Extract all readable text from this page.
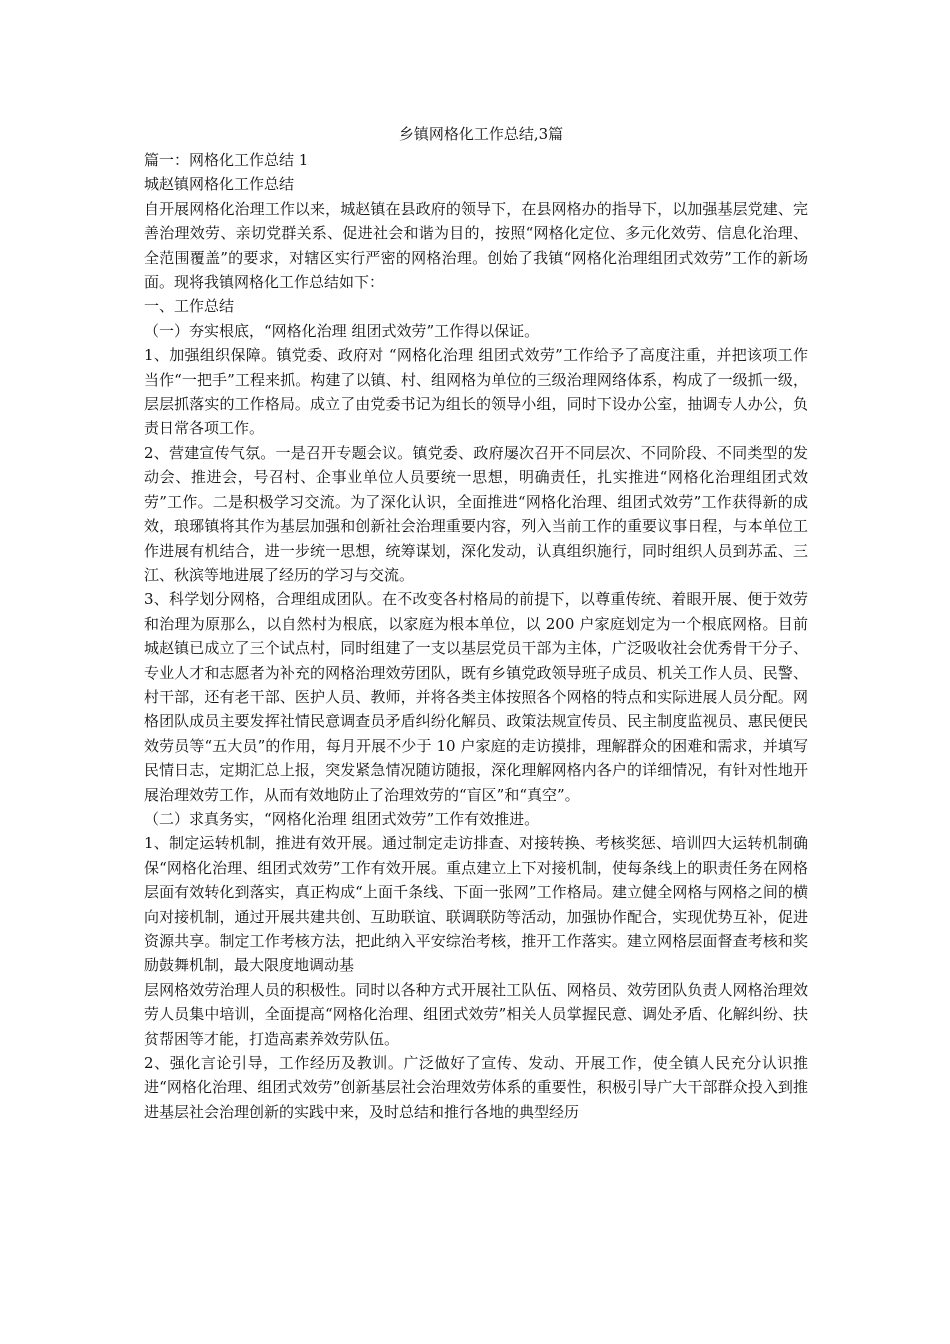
乡镇网格化工作总结,3篇

篇一：网格化工作总结 1

城赵镇网格化工作总结

自开展网格化治理工作以来，城赵镇在县政府的领导下，在县网格办的指导下，以加强基层党建、完善治理效劳、亲切党群关系、促进社会和谐为目的，按照“网格化定位、多元化效劳、信息化治理、全范围覆盖”的要求，对辖区实行严密的网格治理。创始了我镇“网格化治理组团式效劳”工作的新场面。现将我镇网格化工作总结如下：

一、工作总结

（一）夯实根底，“网格化治理 组团式效劳”工作得以保证。

1、加强组织保障。镇党委、政府对 “网格化治理 组团式效劳”工作给予了高度注重，并把该项工作当作“一把手”工程来抓。构建了以镇、村、组网格为单位的三级治理网络体系，构成了一级抓一级，层层抓落实的工作格局。成立了由党委书记为组长的领导小组，同时下设办公室，抽调专人办公，负责日常各项工作。

2、营建宣传气氛。一是召开专题会议。镇党委、政府屡次召开不同层次、不同阶段、不同类型的发动会、推进会，号召村、企事业单位人员要统一思想，明确责任，扎实推进“网格化治理组团式效劳”工作。二是积极学习交流。为了深化认识，全面推进“网格化治理、组团式效劳”工作获得新的成效，琅琊镇将其作为基层加强和创新社会治理重要内容，列入当前工作的重要议事日程，与本单位工作进展有机结合，进一步统一思想，统筹谋划，深化发动，认真组织施行，同时组织人员到苏孟、三江、秋滨等地进展了经历的学习与交流。

3、科学划分网格，合理组成团队。在不改变各村格局的前提下，以尊重传统、着眼开展、便于效劳和治理为原那么，以自然村为根底，以家庭为根本单位，以 200 户家庭划定为一个根底网格。目前城赵镇已成立了三个试点村，同时组建了一支以基层党员干部为主体，广泛吸收社会优秀骨干分子、专业人才和志愿者为补充的网格治理效劳团队，既有乡镇党政领导班子成员、机关工作人员、民警、村干部，还有老干部、医护人员、教师，并将各类主体按照各个网格的特点和实际进展人员分配。网格团队成员主要发挥社情民意调查员矛盾纠纷化解员、政策法规宣传员、民主制度监视员、惠民便民效劳员等“五大员”的作用，每月开展不少于 10 户家庭的走访摸排，理解群众的困难和需求，并填写民情日志，定期汇总上报，突发紧急情况随访随报，深化理解网格内各户的详细情况，有针对性地开展治理效劳工作，从而有效地防止了治理效劳的“盲区”和“真空”。

（二）求真务实，“网格化治理 组团式效劳”工作有效推进。

1、制定运转机制，推进有效开展。通过制定走访排查、对接转换、考核奖惩、培训四大运转机制确保“网格化治理、组团式效劳”工作有效开展。重点建立上下对接机制，使每条线上的职责任务在网格层面有效转化到落实，真正构成“上面千条线、下面一张网”工作格局。建立健全网格与网格之间的横向对接机制，通过开展共建共创、互助联谊、联调联防等活动，加强协作配合，实现优势互补，促进资源共享。制定工作考核方法，把此纳入平安综治考核，推开工作落实。建立网格层面督查考核和奖励鼓舞机制，最大限度地调动基

层网格效劳治理人员的积极性。同时以各种方式开展社工队伍、网格员、效劳团队负责人网格治理效劳人员集中培训，全面提高“网格化治理、组团式效劳”相关人员掌握民意、调处矛盾、化解纠纷、扶贫帮困等才能，打造高素养效劳队伍。

2、强化言论引导，工作经历及教训。广泛做好了宣传、发动、开展工作，使全镇人民充分认识推进“网格化治理、组团式效劳”创新基层社会治理效劳体系的重要性，积极引导广大干部群众投入到推进基层社会治理创新的实践中来，及时总结和推行各地的典型经历
